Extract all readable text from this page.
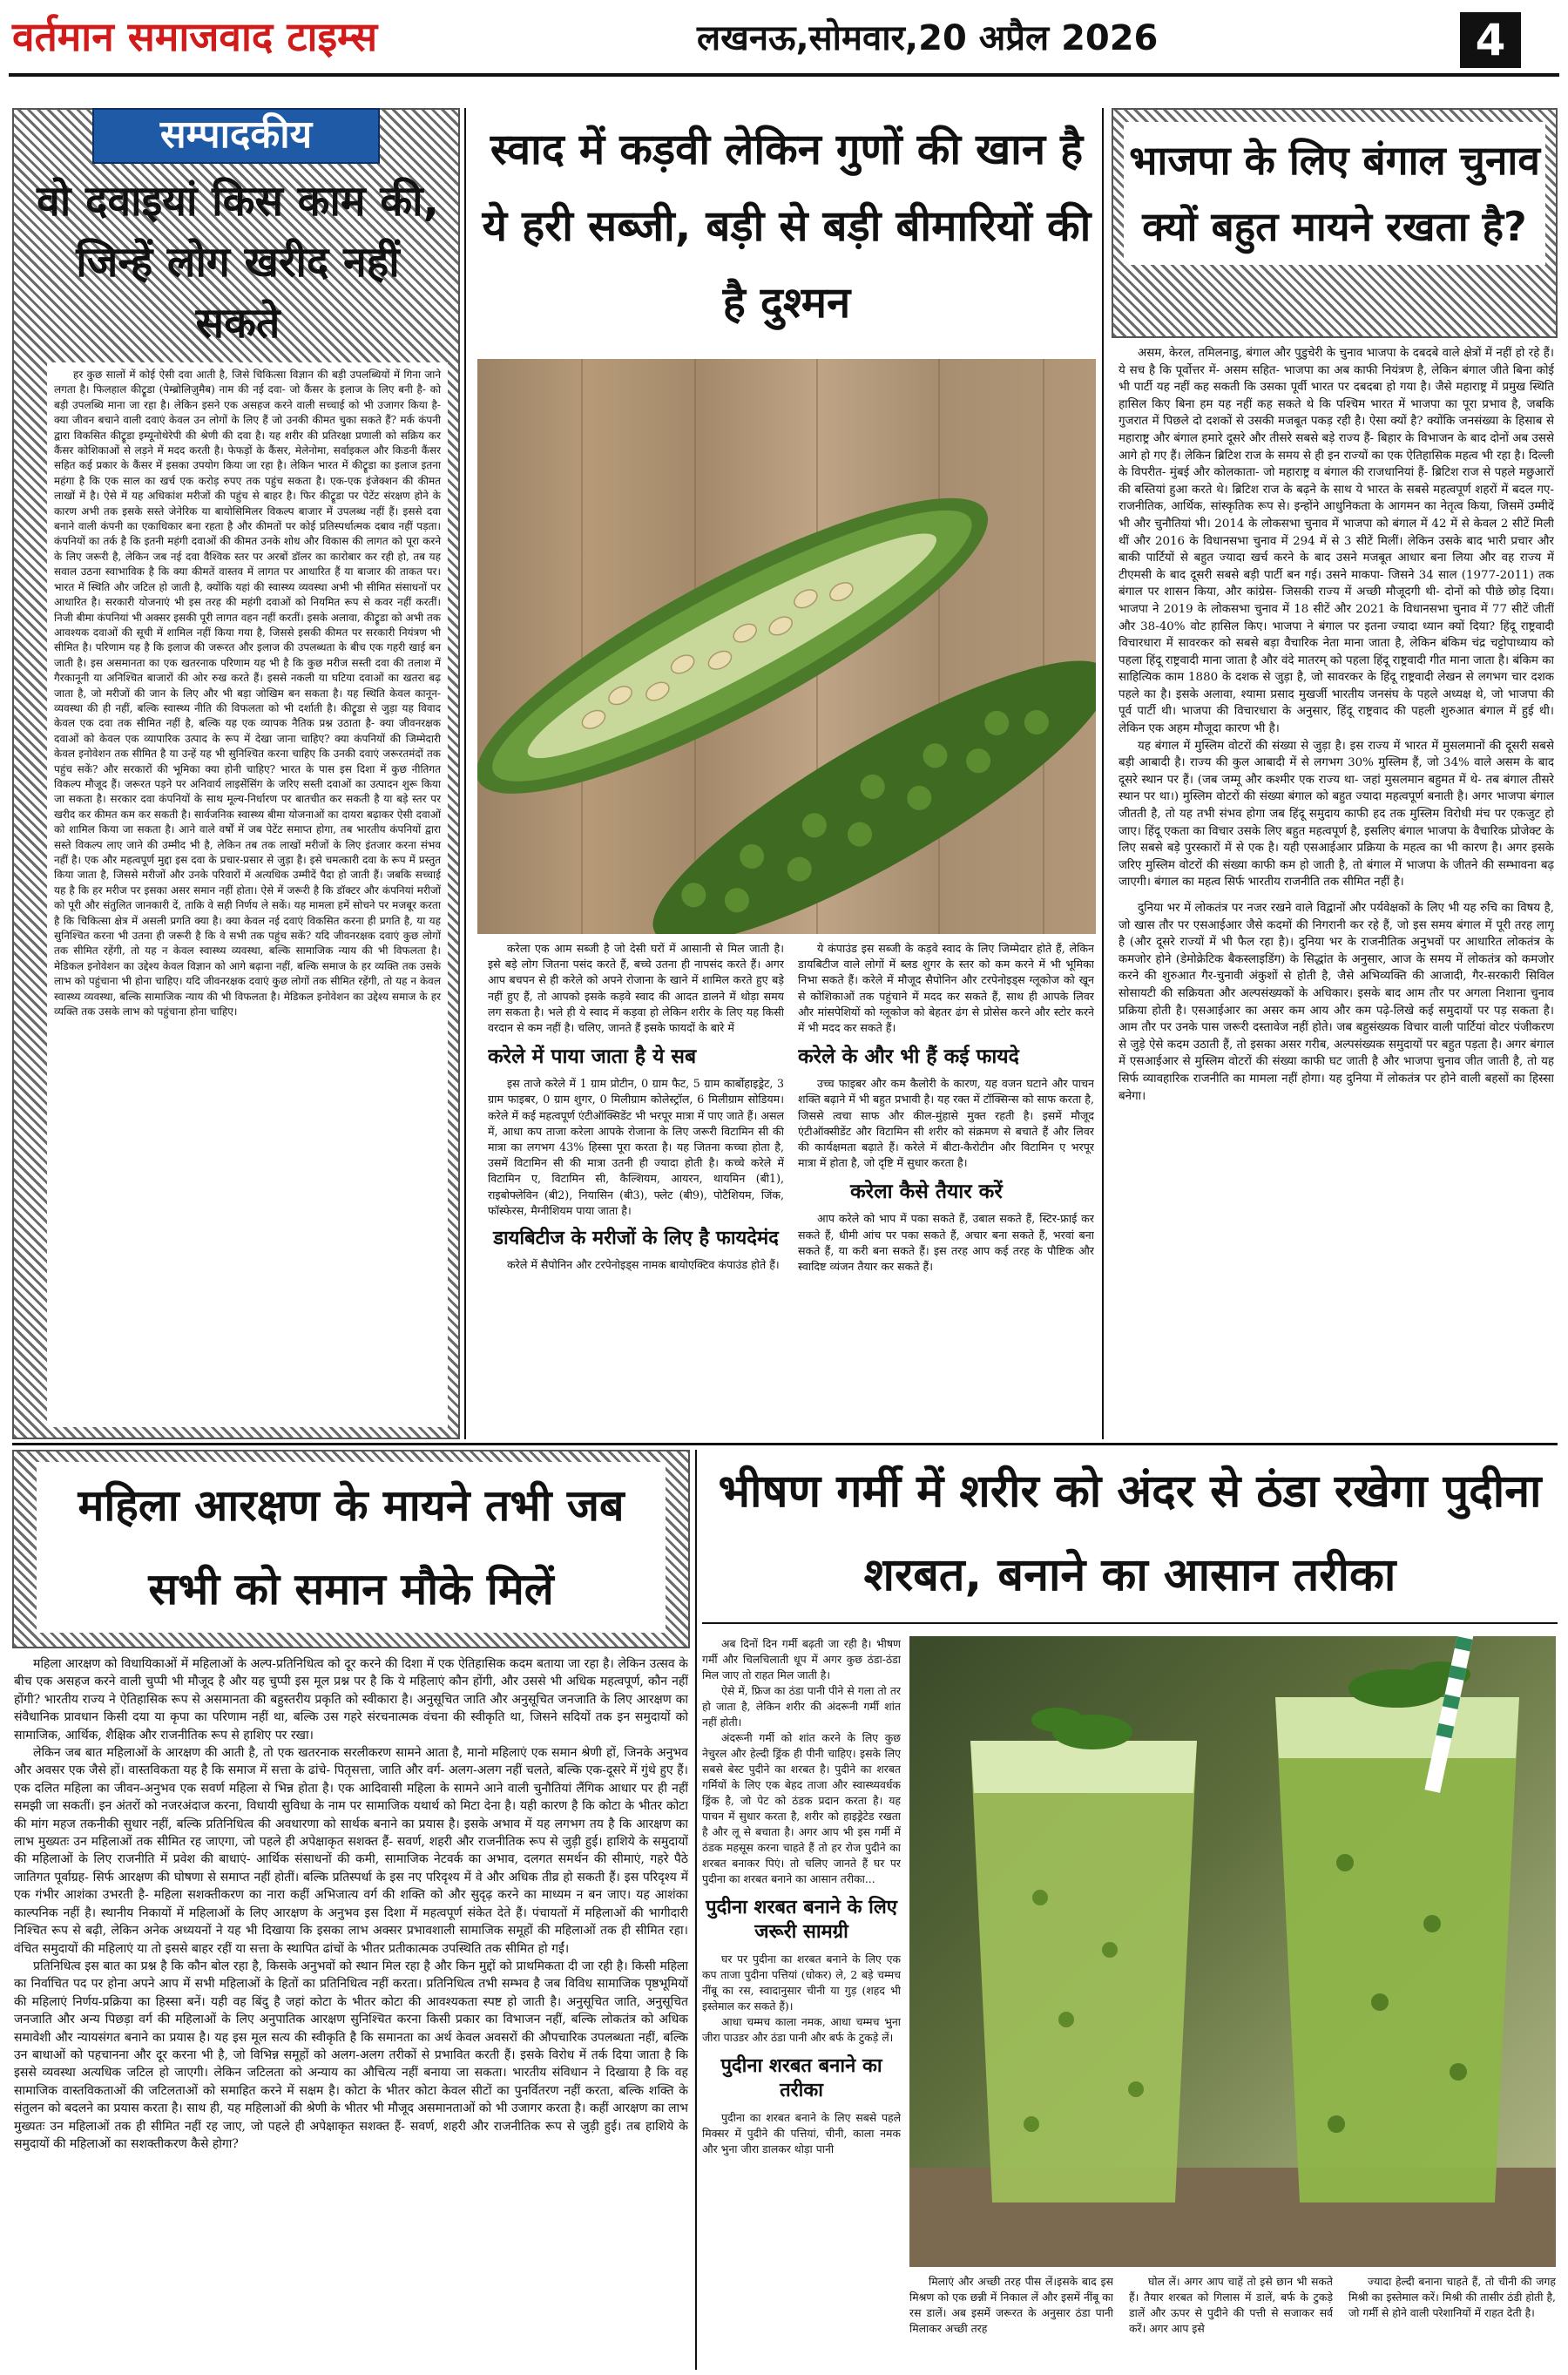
वर्तमान समाजवाद टाइम्स	लखनऊ,सोमवार,20 अप्रैल 2026	4
सम्पादकीय
वो दवाइयां किस काम की, जिन्हें लोग खरीद नहीं सकते

हर कुछ सालों में कोई ऐसी दवा आती है, जिसे चिकित्सा विज्ञान की बड़ी उपलब्धियों में गिना जाने लगता है। फिलहाल कीट्रूडा (पेम्ब्रोलिज़ुमैब) नाम की नई दवा- जो कैंसर के इलाज के लिए बनी है- को बड़ी उपलब्धि माना जा रहा है। लेकिन इसने एक असहज करने वाली सच्चाई को भी उजागर किया है- क्या जीवन बचाने वाली दवाएं केवल उन लोगों के लिए हैं जो उनकी कीमत चुका सकते हैं? मर्क कंपनी द्वारा विकसित कीट्रूडा इम्यूनोथेरेपी की श्रेणी की दवा है। यह शरीर की प्रतिरक्षा प्रणाली को सक्रिय कर कैंसर कोशिकाओं से लड़ने में मदद करती है। फेफड़ों के कैंसर, मेलेनोमा, सर्वाइकल और किडनी कैंसर सहित कई प्रकार के कैंसर में इसका उपयोग किया जा रहा है। लेकिन भारत में कीट्रूडा का इलाज इतना महंगा है कि एक साल का खर्च एक करोड़ रुपए तक पहुंच सकता है। एक-एक इंजेक्शन की कीमत लाखों में है। ऐसे में यह अधिकांश मरीजों की पहुंच से बाहर है। फिर कीट्रूडा पर पेटेंट संरक्षण होने के कारण अभी तक इसके सस्ते जेनेरिक या बायोसिमिलर विकल्प बाजार में उपलब्ध नहीं हैं। इससे दवा बनाने वाली कंपनी का एकाधिकार बना रहता है और कीमतों पर कोई प्रतिस्पर्धात्मक दबाव नहीं पड़ता। कंपनियों का तर्क है कि इतनी महंगी दवाओं की कीमत उनके शोध और विकास की लागत को पूरा करने के लिए जरूरी है, लेकिन जब नई दवा वैश्विक स्तर पर अरबों डॉलर का कारोबार कर रही हो, तब यह सवाल उठना स्वाभाविक है कि क्या कीमतें वास्तव में लागत पर आधारित हैं या बाजार की ताकत पर। भारत में स्थिति और जटिल हो जाती है, क्योंकि यहां की स्वास्थ्य व्यवस्था अभी भी सीमित संसाधनों पर आधारित है। सरकारी योजनाएं भी इस तरह की महंगी दवाओं को नियमित रूप से कवर नहीं करतीं। निजी बीमा कंपनियां भी अक्सर इसकी पूरी लागत वहन नहीं करतीं। इसके अलावा, कीट्रूडा को अभी तक आवश्यक दवाओं की सूची में शामिल नहीं किया गया है, जिससे इसकी कीमत पर सरकारी नियंत्रण भी सीमित है। परिणाम यह है कि इलाज की जरूरत और इलाज की उपलब्धता के बीच एक गहरी खाई बन जाती है। इस असमानता का एक खतरनाक परिणाम यह भी है कि कुछ मरीज सस्ती दवा की तलाश में गैरकानूनी या अनिश्चित बाजारों की ओर रुख करते हैं। इससे नकली या घटिया दवाओं का खतरा बढ़ जाता है, जो मरीजों की जान के लिए और भी बड़ा जोखिम बन सकता है। यह स्थिति केवल कानून-व्यवस्था की ही नहीं, बल्कि स्वास्थ्य नीति की विफलता को भी दर्शाती है। कीट्रूडा से जुड़ा यह विवाद केवल एक दवा तक सीमित नहीं है, बल्कि यह एक व्यापक नैतिक प्रश्न उठाता है- क्या जीवनरक्षक दवाओं को केवल एक व्यापारिक उत्पाद के रूप में देखा जाना चाहिए? क्या कंपनियों की जिम्मेदारी केवल इनोवेशन तक सीमित है या उन्हें यह भी सुनिश्चित करना चाहिए कि उनकी दवाएं जरूरतमंदों तक पहुंच सकें? और सरकारों की भूमिका क्या होनी चाहिए? भारत के पास इस दिशा में कुछ नीतिगत विकल्प मौजूद हैं। जरूरत पड़ने पर अनिवार्य लाइसेंसिंग के जरिए सस्ती दवाओं का उत्पादन शुरू किया जा सकता है। सरकार दवा कंपनियों के साथ मूल्य-निर्धारण पर बातचीत कर सकती है या बड़े स्तर पर खरीद कर कीमत कम कर सकती है। सार्वजनिक स्वास्थ्य बीमा योजनाओं का दायरा बढ़ाकर ऐसी दवाओं को शामिल किया जा सकता है। आने वाले वर्षों में जब पेटेंट समाप्त होगा, तब भारतीय कंपनियों द्वारा सस्ते विकल्प लाए जाने की उम्मीद भी है, लेकिन तब तक लाखों मरीजों के लिए इंतजार करना संभव नहीं है। एक और महत्वपूर्ण मुद्दा इस दवा के प्रचार-प्रसार से जुड़ा है। इसे चमत्कारी दवा के रूप में प्रस्तुत किया जाता है, जिससे मरीजों और उनके परिवारों में अत्यधिक उम्मीदें पैदा हो जाती हैं। जबकि सच्चाई यह है कि हर मरीज पर इसका असर समान नहीं होता। ऐसे में जरूरी है कि डॉक्टर और कंपनियां मरीजों को पूरी और संतुलित जानकारी दें, ताकि वे सही निर्णय ले सकें। यह मामला हमें सोचने पर मजबूर करता है कि चिकित्सा क्षेत्र में असली प्रगति क्या है। क्या केवल नई दवाएं विकसित करना ही प्रगति है, या यह सुनिश्चित करना भी उतना ही जरूरी है कि वे सभी तक पहुंच सकें? यदि जीवनरक्षक दवाएं कुछ लोगों तक सीमित रहेंगी, तो यह न केवल स्वास्थ्य व्यवस्था, बल्कि सामाजिक न्याय की भी विफलता है। मेडिकल इनोवेशन का उद्देश्य केवल विज्ञान को आगे बढ़ाना नहीं, बल्कि समाज के हर व्यक्ति तक उसके लाभ को पहुंचाना भी होना चाहिए। यदि जीवनरक्षक दवाएं कुछ लोगों तक सीमित रहेंगी, तो यह न केवल स्वास्थ्य व्यवस्था, बल्कि सामाजिक न्याय की भी विफलता है। मेडिकल इनोवेशन का उद्देश्य समाज के हर व्यक्ति तक उसके लाभ को पहुंचाना होना चाहिए।

स्वाद में कड़वी लेकिन गुणों की खान है ये हरी सब्जी, बड़ी से बड़ी बीमारियों की है दुश्मन

करेला एक आम सब्जी है जो देसी घरों में आसानी से मिल जाती है। इसे बड़े लोग जितना पसंद करते हैं, बच्चे उतना ही नापसंद करते हैं। अगर आप बचपन से ही करेले को अपने रोजाना के खाने में शामिल करते हुए बड़े नहीं हुए हैं, तो आपको इसके कड़वे स्वाद की आदत डालने में थोड़ा समय लग सकता है। भले ही ये स्वाद में कड़वा हो लेकिन शरीर के लिए यह किसी वरदान से कम नहीं है। चलिए, जानते हैं इसके फायदों के बारे में

करेले में पाया जाता है ये सब

इस ताजे करेले में 1 ग्राम प्रोटीन, 0 ग्राम फैट, 5 ग्राम कार्बोहाइड्रेट, 3 ग्राम फाइबर, 0 ग्राम शुगर, 0 मिलीग्राम कोलेस्ट्रॉल, 6 मिलीग्राम सोडियम। करेले में कई महत्वपूर्ण एंटीऑक्सिडेंट भी भरपूर मात्रा में पाए जाते हैं। असल में, आधा कप ताजा करेला आपके रोजाना के लिए जरूरी विटामिन सी की मात्रा का लगभग 43% हिस्सा पूरा करता है। यह जितना कच्चा होता है, उसमें विटामिन सी की मात्रा उतनी ही ज्यादा होती है। कच्चे करेले में विटामिन ए, विटामिन सी, कैल्शियम, आयरन, थायमिन (बी1), राइबोफ्लेविन (बी2), नियासिन (बी3), फ्लेट (बी9), पोटैशियम, जिंक, फॉस्फेरस, मैग्नीशियम पाया जाता है।

डायबिटीज के मरीजों के लिए है फायदेमंद

करेले में सैपोनिन और टरपेनोइड्स नामक बायोएक्टिव कंपाउंड होते हैं।

ये कंपाउंड इस सब्जी के कड़वे स्वाद के लिए जिम्मेदार होते हैं, लेकिन डायबिटीज वाले लोगों में ब्लड शुगर के स्तर को कम करने में भी भूमिका निभा सकते हैं। करेले में मौजूद सैपोनिन और टरपेनोइड्स ग्लूकोज को खून से कोशिकाओं तक पहुंचाने में मदद कर सकते हैं, साथ ही आपके लिवर और मांसपेशियों को ग्लूकोज को बेहतर ढंग से प्रोसेस करने और स्टोर करने में भी मदद कर सकते हैं।

करेले के और भी हैं कई फायदे

उच्च फाइबर और कम कैलोरी के कारण, यह वजन घटाने और पाचन शक्ति बढ़ाने में भी बहुत प्रभावी है। यह रक्त में टॉक्सिन्स को साफ करता है, जिससे त्वचा साफ और कील-मुंहासे मुक्त रहती है। इसमें मौजूद एंटीऑक्सीडेंट और विटामिन सी शरीर को संक्रमण से बचाते हैं और लिवर की कार्यक्षमता बढ़ाते हैं। करेले में बीटा-कैरोटीन और विटामिन ए भरपूर मात्रा में होता है, जो दृष्टि में सुधार करता है।

करेला कैसे तैयार करें

आप करेले को भाप में पका सकते हैं, उबाल सकते हैं, स्टिर-फ्राई कर सकते हैं, धीमी आंच पर पका सकते हैं, अचार बना सकते हैं, भरवां बना सकते हैं, या करी बना सकते हैं। इस तरह आप कई तरह के पौष्टिक और स्वादिष्ट व्यंजन तैयार कर सकते हैं।

भाजपा के लिए बंगाल चुनाव क्यों बहुत मायने रखता है?

असम, केरल, तमिलनाडु, बंगाल और पुडुचेरी के चुनाव भाजपा के दबदबे वाले क्षेत्रों में नहीं हो रहे हैं। ये सच है कि पूर्वोत्तर में- असम सहित- भाजपा का अब काफी नियंत्रण है, लेकिन बंगाल जीते बिना कोई भी पार्टी यह नहीं कह सकती कि उसका पूर्वी भारत पर दबदबा हो गया है। जैसे महाराष्ट्र में प्रमुख स्थिति हासिल किए बिना हम यह नहीं कह सकते थे कि पश्चिम भारत में भाजपा का पूरा प्रभाव है, जबकि गुजरात में पिछले दो दशकों से उसकी मजबूत पकड़ रही है। ऐसा क्यों है? क्योंकि जनसंख्या के हिसाब से महाराष्ट्र और बंगाल हमारे दूसरे और तीसरे सबसे बड़े राज्य हैं- बिहार के विभाजन के बाद दोनों अब उससे आगे हो गए हैं। लेकिन ब्रिटिश राज के समय से ही इन राज्यों का एक ऐतिहासिक महत्व भी रहा है। दिल्ली के विपरीत- मुंबई और कोलकाता- जो महाराष्ट्र व बंगाल की राजधानियां हैं- ब्रिटिश राज से पहले मछुआरों की बस्तियां हुआ करते थे। ब्रिटिश राज के बढ़ने के साथ ये भारत के सबसे महत्वपूर्ण शहरों में बदल गए- राजनीतिक, आर्थिक, सांस्कृतिक रूप से। इन्होंने आधुनिकता के आगमन का नेतृत्व किया, जिसमें उम्मीदें भी और चुनौतियां भी। 2014 के लोकसभा चुनाव में भाजपा को बंगाल में 42 में से केवल 2 सीटें मिली थीं और 2016 के विधानसभा चुनाव में 294 में से 3 सीटें मिलीं। लेकिन उसके बाद भारी प्रचार और बाकी पार्टियों से बहुत ज्यादा खर्च करने के बाद उसने मजबूत आधार बना लिया और वह राज्य में टीएमसी के बाद दूसरी सबसे बड़ी पार्टी बन गई। उसने माकपा- जिसने 34 साल (1977-2011) तक बंगाल पर शासन किया, और कांग्रेस- जिसकी राज्य में अच्छी मौजूदगी थी- दोनों को पीछे छोड़ दिया। भाजपा ने 2019 के लोकसभा चुनाव में 18 सीटें और 2021 के विधानसभा चुनाव में 77 सीटें जीतीं और 38-40% वोट हासिल किए। भाजपा ने बंगाल पर इतना ज्यादा ध्यान क्यों दिया? हिंदू राष्ट्रवादी विचारधारा में सावरकर को सबसे बड़ा वैचारिक नेता माना जाता है, लेकिन बंकिम चंद्र चट्टोपाध्याय को पहला हिंदू राष्ट्रवादी माना जाता है और वंदे मातरम् को पहला हिंदू राष्ट्रवादी गीत माना जाता है। बंकिम का साहित्यिक काम 1880 के दशक से जुड़ा है, जो सावरकर के हिंदू राष्ट्रवादी लेखन से लगभग चार दशक पहले का है। इसके अलावा, श्यामा प्रसाद मुखर्जी भारतीय जनसंघ के पहले अध्यक्ष थे, जो भाजपा की पूर्व पार्टी थी। भाजपा की विचारधारा के अनुसार, हिंदू राष्ट्रवाद की पहली शुरुआत बंगाल में हुई थी। लेकिन एक अहम मौजूदा कारण भी है।

यह बंगाल में मुस्लिम वोटरों की संख्या से जुड़ा है। इस राज्य में भारत में मुसलमानों की दूसरी सबसे बड़ी आबादी है। राज्य की कुल आबादी में से लगभग 30% मुस्लिम हैं, जो 34% वाले असम के बाद दूसरे स्थान पर हैं। (जब जम्मू और कश्मीर एक राज्य था- जहां मुसलमान बहुमत में थे- तब बंगाल तीसरे स्थान पर था।) मुस्लिम वोटरों की संख्या बंगाल को बहुत ज्यादा महत्वपूर्ण बनाती है। अगर भाजपा बंगाल जीतती है, तो यह तभी संभव होगा जब हिंदू समुदाय काफी हद तक मुस्लिम विरोधी मंच पर एकजुट हो जाए। हिंदू एकता का विचार उसके लिए बहुत महत्वपूर्ण है, इसलिए बंगाल भाजपा के वैचारिक प्रोजेक्ट के लिए सबसे बड़े पुरस्कारों में से एक है। यही एसआईआर प्रक्रिया के महत्व का भी कारण है। अगर इसके जरिए मुस्लिम वोटरों की संख्या काफी कम हो जाती है, तो बंगाल में भाजपा के जीतने की सम्भावना बढ़ जाएगी। बंगाल का महत्व सिर्फ भारतीय राजनीति तक सीमित नहीं है।

दुनिया भर में लोकतंत्र पर नजर रखने वाले विद्वानों और पर्यवेक्षकों के लिए भी यह रुचि का विषय है, जो खास तौर पर एसआईआर जैसे कदमों की निगरानी कर रहे हैं, जो इस समय बंगाल में पूरी तरह लागू है (और दूसरे राज्यों में भी फैल रहा है)। दुनिया भर के राजनीतिक अनुभवों पर आधारित लोकतंत्र के कमजोर होने (डेमोक्रेटिक बैकस्लाइडिंग) के सिद्धांत के अनुसार, आज के समय में लोकतंत्र को कमजोर करने की शुरुआत गैर-चुनावी अंकुशों से होती है, जैसे अभिव्यक्ति की आजादी, गैर-सरकारी सिविल सोसायटी की सक्रियता और अल्पसंख्यकों के अधिकार। इसके बाद आम तौर पर अगला निशाना चुनाव प्रक्रिया होती है। एसआईआर का असर कम आय और कम पढ़े-लिखे कई समुदायों पर पड़ सकता है। आम तौर पर उनके पास जरूरी दस्तावेज नहीं होते। जब बहुसंख्यक विचार वाली पार्टियां वोटर पंजीकरण से जुड़े ऐसे कदम उठाती हैं, तो इसका असर गरीब, अल्पसंख्यक समुदायों पर बहुत पड़ता है। अगर बंगाल में एसआईआर से मुस्लिम वोटरों की संख्या काफी घट जाती है और भाजपा चुनाव जीत जाती है, तो यह सिर्फ व्यावहारिक राजनीति का मामला नहीं होगा। यह दुनिया में लोकतंत्र पर होने वाली बहसों का हिस्सा बनेगा।

महिला आरक्षण के मायने तभी जब सभी को समान मौके मिलें

महिला आरक्षण को विधायिकाओं में महिलाओं के अल्प-प्रतिनिधित्व को दूर करने की दिशा में एक ऐतिहासिक कदम बताया जा रहा है। लेकिन उत्सव के बीच एक असहज करने वाली चुप्पी भी मौजूद है और यह चुप्पी इस मूल प्रश्न पर है कि ये महिलाएं कौन होंगी, और उससे भी अधिक महत्वपूर्ण, कौन नहीं होंगी? भारतीय राज्य ने ऐतिहासिक रूप से असमानता की बहुस्तरीय प्रकृति को स्वीकारा है। अनुसूचित जाति और अनुसूचित जनजाति के लिए आरक्षण का संवैधानिक प्रावधान किसी दया या कृपा का परिणाम नहीं था, बल्कि उस गहरे संरचनात्मक वंचना की स्वीकृति था, जिसने सदियों तक इन समुदायों को सामाजिक, आर्थिक, शैक्षिक और राजनीतिक रूप से हाशिए पर रखा।

लेकिन जब बात महिलाओं के आरक्षण की आती है, तो एक खतरनाक सरलीकरण सामने आता है, मानो महिलाएं एक समान श्रेणी हों, जिनके अनुभव और अवसर एक जैसे हों। वास्तविकता यह है कि समाज में सत्ता के ढांचे- पितृसत्ता, जाति और वर्ग- अलग-अलग नहीं चलते, बल्कि एक-दूसरे में गुंथे हुए हैं। एक दलित महिला का जीवन-अनुभव एक सवर्ण महिला से भिन्न होता है। एक आदिवासी महिला के सामने आने वाली चुनौतियां लैंगिक आधार पर ही नहीं समझी जा सकतीं। इन अंतरों को नजरअंदाज करना, विधायी सुविधा के नाम पर सामाजिक यथार्थ को मिटा देना है। यही कारण है कि कोटा के भीतर कोटा की मांग महज तकनीकी सुधार नहीं, बल्कि प्रतिनिधित्व की अवधारणा को सार्थक बनाने का प्रयास है। इसके अभाव में यह लगभग तय है कि आरक्षण का लाभ मुख्यतः उन महिलाओं तक सीमित रह जाएगा, जो पहले ही अपेक्षाकृत सशक्त हैं- सवर्ण, शहरी और राजनीतिक रूप से जुड़ी हुई। हाशिये के समुदायों की महिलाओं के लिए राजनीति में प्रवेश की बाधाएं- आर्थिक संसाधनों की कमी, सामाजिक नेटवर्क का अभाव, दलगत समर्थन की सीमाएं, गहरे पैठे जातिगत पूर्वाग्रह- सिर्फ आरक्षण की घोषणा से समाप्त नहीं होतीं। बल्कि प्रतिस्पर्धा के इस नए परिदृश्य में वे और अधिक तीव्र हो सकती हैं। इस परिदृश्य में एक गंभीर आशंका उभरती है- महिला सशक्तीकरण का नारा कहीं अभिजात्य वर्ग की शक्ति को और सुदृढ़ करने का माध्यम न बन जाए। यह आशंका काल्पनिक नहीं है। स्थानीय निकायों में महिलाओं के लिए आरक्षण के अनुभव इस दिशा में महत्वपूर्ण संकेत देते हैं। पंचायतों में महिलाओं की भागीदारी निश्चित रूप से बढ़ी, लेकिन अनेक अध्ययनों ने यह भी दिखाया कि इसका लाभ अक्सर प्रभावशाली सामाजिक समूहों की महिलाओं तक ही सीमित रहा। वंचित समुदायों की महिलाएं या तो इससे बाहर रहीं या सत्ता के स्थापित ढांचों के भीतर प्रतीकात्मक उपस्थिति तक सीमित हो गईं।

प्रतिनिधित्व इस बात का प्रश्न है कि कौन बोल रहा है, किसके अनुभवों को स्थान मिल रहा है और किन मुद्दों को प्राथमिकता दी जा रही है। किसी महिला का निर्वाचित पद पर होना अपने आप में सभी महिलाओं के हितों का प्रतिनिधित्व नहीं करता। प्रतिनिधित्व तभी सम्भव है जब विविध सामाजिक पृष्ठभूमियों की महिलाएं निर्णय-प्रक्रिया का हिस्सा बनें। यही वह बिंदु है जहां कोटा के भीतर कोटा की आवश्यकता स्पष्ट हो जाती है। अनुसूचित जाति, अनुसूचित जनजाति और अन्य पिछड़ा वर्ग की महिलाओं के लिए अनुपातिक आरक्षण सुनिश्चित करना किसी प्रकार का विभाजन नहीं, बल्कि लोकतंत्र को अधिक समावेशी और न्यायसंगत बनाने का प्रयास है। यह इस मूल सत्य की स्वीकृति है कि समानता का अर्थ केवल अवसरों की औपचारिक उपलब्धता नहीं, बल्कि उन बाधाओं को पहचानना और दूर करना भी है, जो विभिन्न समूहों को अलग-अलग तरीकों से प्रभावित करती हैं। इसके विरोध में तर्क दिया जाता है कि इससे व्यवस्था अत्यधिक जटिल हो जाएगी। लेकिन जटिलता को अन्याय का औचित्य नहीं बनाया जा सकता। भारतीय संविधान ने दिखाया है कि वह सामाजिक वास्तविकताओं की जटिलताओं को समाहित करने में सक्षम है। कोटा के भीतर कोटा केवल सीटों का पुनर्वितरण नहीं करता, बल्कि शक्ति के संतुलन को बदलने का प्रयास करता है। साथ ही, यह महिलाओं की श्रेणी के भीतर भी मौजूद असमानताओं को भी उजागर करता है। कहीं आरक्षण का लाभ मुख्यतः उन महिलाओं तक ही सीमित नहीं रह जाए, जो पहले ही अपेक्षाकृत सशक्त हैं- सवर्ण, शहरी और राजनीतिक रूप से जुड़ी हुई। तब हाशिये के समुदायों की महिलाओं का सशक्तीकरण कैसे होगा?

भीषण गर्मी में शरीर को अंदर से ठंडा रखेगा पुदीना शरबत, बनाने का आसान तरीका

अब दिनों दिन गर्मी बढ़ती जा रही है। भीषण गर्मी और चिलचिलाती धूप में अगर कुछ ठंडा-ठंडा मिल जाए तो राहत मिल जाती है।

ऐसे में, फ्रिज का ठंडा पानी पीने से गला तो तर हो जाता है, लेकिन शरीर की अंदरूनी गर्मी शांत नहीं होती।

अंदरूनी गर्मी को शांत करने के लिए कुछ नेचुरल और हेल्दी ड्रिंक ही पीनी चाहिए। इसके लिए सबसे बेस्ट पुदीने का शरबत है। पुदीने का शरबत गर्मियों के लिए एक बेहद ताजा और स्वास्थ्यवर्धक ड्रिंक है, जो पेट को ठंडक प्रदान करता है। यह पाचन में सुधार करता है, शरीर को हाइड्रेटेड रखता है और लू से बचाता है। अगर आप भी इस गर्मी में ठंडक महसूस करना चाहते हैं तो हर रोज पुदीने का शरबत बनाकर पिएं। तो चलिए जानते हैं घर पर पुदीना का शरबत बनाने का आसान तरीका...

पुदीना शरबत बनाने के लिए जरूरी सामग्री

घर पर पुदीना का शरबत बनाने के लिए एक कप ताजा पुदीना पत्तियां (धोकर) ले, 2 बड़े चम्मच नींबू का रस, स्वादानुसार चीनी या गुड़ (शहद भी इस्तेमाल कर सकते हैं)।

आधा चम्मच काला नमक, आधा चम्मच भुना जीरा पाउडर और ठंडा पानी और बर्फ के टुकड़े लें।

पुदीना शरबत बनाने का तरीका

पुदीना का शरबत बनाने के लिए सबसे पहले मिक्सर में पुदीने की पत्तियां, चीनी, काला नमक और भुना जीरा डालकर थोड़ा पानी

मिलाएं और अच्छी तरह पीस लें।इसके बाद इस मिश्रण को एक छन्नी में निकाल लें और इसमें नींबू का रस डालें। अब इसमें जरूरत के अनुसार ठंडा पानी मिलाकर अच्छी तरह

घोल लें। अगर आप चाहें तो इसे छान भी सकते हैं। तैयार शरबत को गिलास में डालें, बर्फ के टुकड़े डालें और ऊपर से पुदीने की पत्ती से सजाकर सर्व करें। अगर आप इसे

ज्यादा हेल्दी बनाना चाहते हैं, तो चीनी की जगह मिश्री का इस्तेमाल करें। मिश्री की तासीर ठंडी होती है, जो गर्मी से होने वाली परेशानियों में राहत देती है।
